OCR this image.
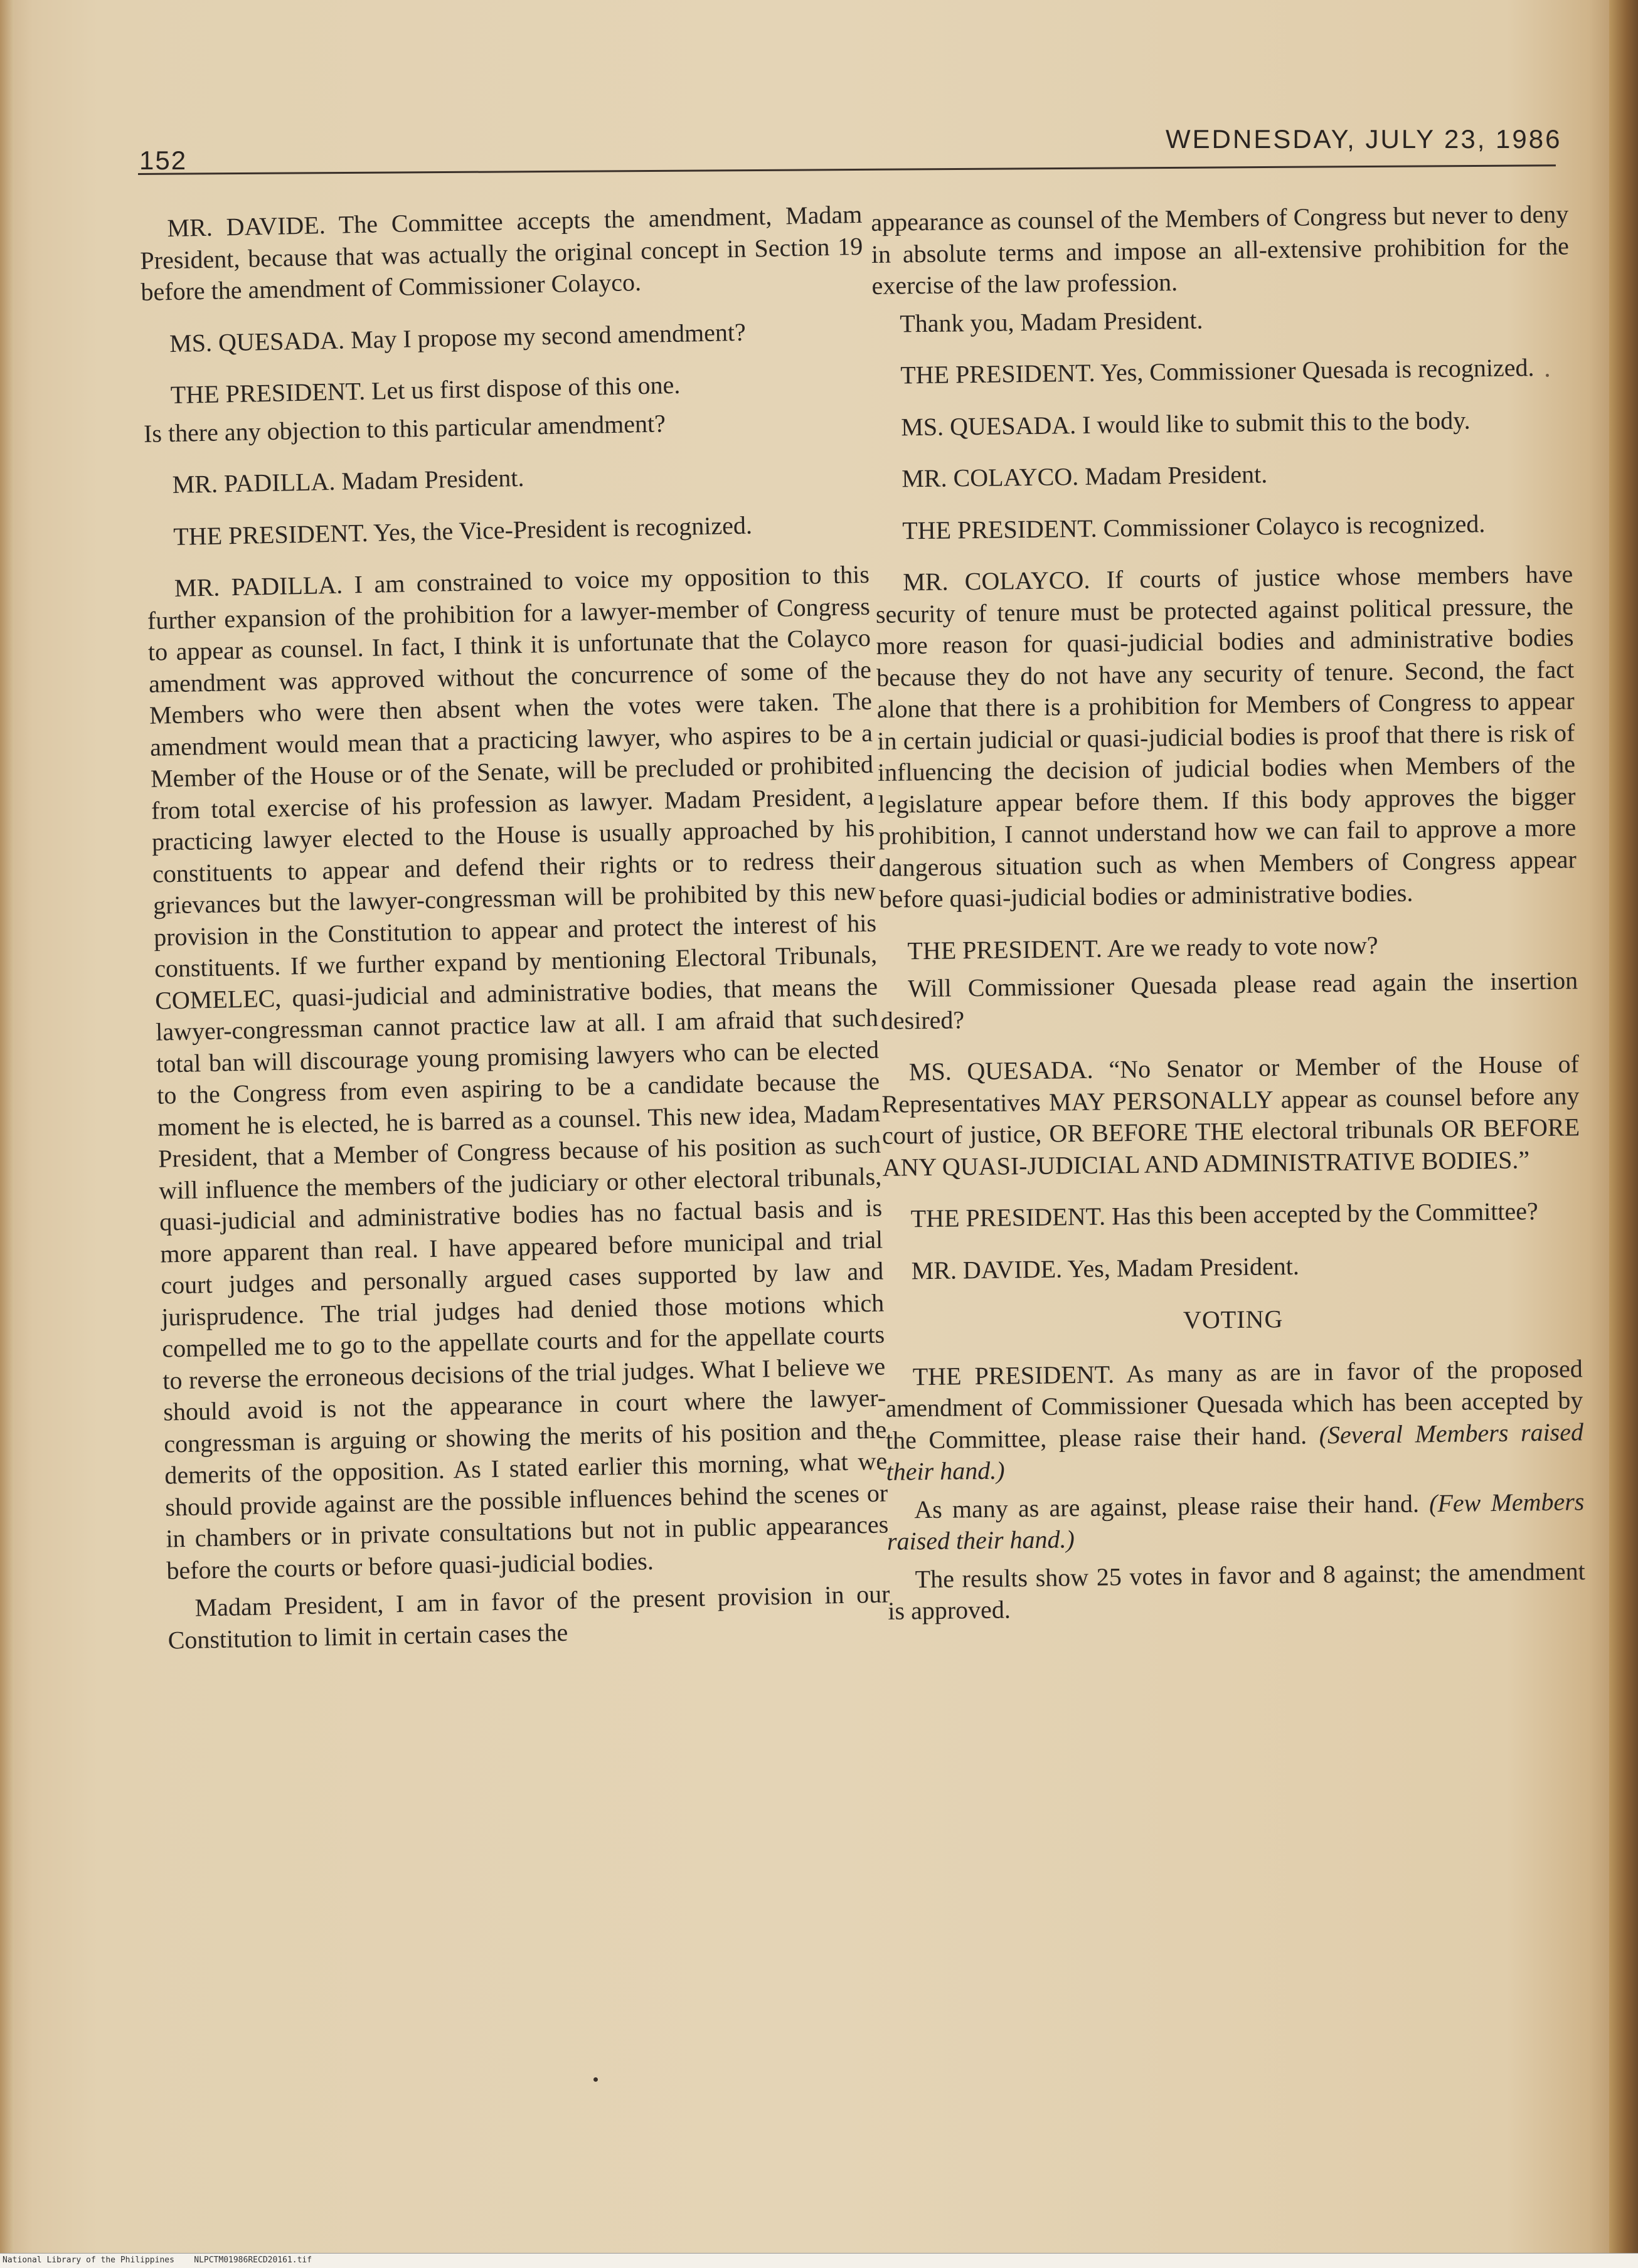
152
WEDNESDAY, JULY 23, 1986

MR. DAVIDE. The Committee accepts the amendment, Madam President, because that was actually the original concept in Section 19 before the amendment of Commissioner Colayco.

MS. QUESADA. May I propose my second amendment?

THE PRESIDENT. Let us first dispose of this one.

Is there any objection to this particular amendment?

MR. PADILLA. Madam President.

THE PRESIDENT. Yes, the Vice-President is recognized.

MR. PADILLA. I am constrained to voice my opposition to this further expansion of the prohibition for a lawyer-member of Congress to appear as counsel. In fact, I think it is unfortunate that the Colayco amendment was approved without the concurrence of some of the Members who were then absent when the votes were taken. The amendment would mean that a practicing lawyer, who aspires to be a Member of the House or of the Senate, will be precluded or prohibited from total exercise of his profession as lawyer. Madam President, a practicing lawyer elected to the House is usually approached by his constituents to appear and defend their rights or to redress their grievances but the lawyer-congressman will be prohibited by this new provision in the Constitution to appear and protect the interest of his constituents. If we further expand by mentioning Electoral Tribunals, COMELEC, quasi-judicial and administrative bodies, that means the lawyer-congressman cannot practice law at all. I am afraid that such total ban will discourage young promising lawyers who can be elected to the Congress from even aspiring to be a candidate because the moment he is elected, he is barred as a counsel. This new idea, Madam President, that a Member of Congress because of his position as such will influence the members of the judiciary or other electoral tribunals, quasi-judicial and administrative bodies has no factual basis and is more apparent than real. I have appeared before municipal and trial court judges and personally argued cases supported by law and jurisprudence. The trial judges had denied those motions which compelled me to go to the appellate courts and for the appellate courts to reverse the erroneous decisions of the trial judges. What I believe we should avoid is not the appearance in court where the lawyer-congressman is arguing or showing the merits of his position and the demerits of the opposition. As I stated earlier this morning, what we should provide against are the possible influences behind the scenes or in chambers or in private consultations but not in public appearances before the courts or before quasi-judicial bodies.

Madam President, I am in favor of the present provision in our Constitution to limit in certain cases the

appearance as counsel of the Members of Congress but never to deny in absolute terms and impose an all-extensive prohibition for the exercise of the law profession.

Thank you, Madam President.

THE PRESIDENT. Yes, Commissioner Quesada is recognized.

MS. QUESADA. I would like to submit this to the body.

MR. COLAYCO. Madam President.

THE PRESIDENT. Commissioner Colayco is recognized.

MR. COLAYCO. If courts of justice whose members have security of tenure must be protected against political pressure, the more reason for quasi-judicial bodies and administrative bodies because they do not have any security of tenure. Second, the fact alone that there is a prohibition for Members of Congress to appear in certain judicial or quasi-judicial bodies is proof that there is risk of influencing the decision of judicial bodies when Members of the legislature appear before them. If this body approves the bigger prohibition, I cannot understand how we can fail to approve a more dangerous situation such as when Members of Congress appear before quasi-judicial bodies or administrative bodies.

THE PRESIDENT. Are we ready to vote now?

Will Commissioner Quesada please read again the insertion desired?

MS. QUESADA. “No Senator or Member of the House of Representatives MAY PERSONALLY appear as counsel before any court of justice, OR BEFORE THE electoral tribunals OR BEFORE ANY QUASI-JUDICIAL AND ADMINISTRATIVE BODIES.”

THE PRESIDENT. Has this been accepted by the Committee?

MR. DAVIDE. Yes, Madam President.

VOTING

THE PRESIDENT. As many as are in favor of the proposed amendment of Commissioner Quesada which has been accepted by the Committee, please raise their hand. (Several Members raised their hand.)

As many as are against, please raise their hand. (Few Members raised their hand.)

The results show 25 votes in favor and 8 against; the amendment is approved.

National Library of the Philippines    NLPCTM01986RECD20161.tif
